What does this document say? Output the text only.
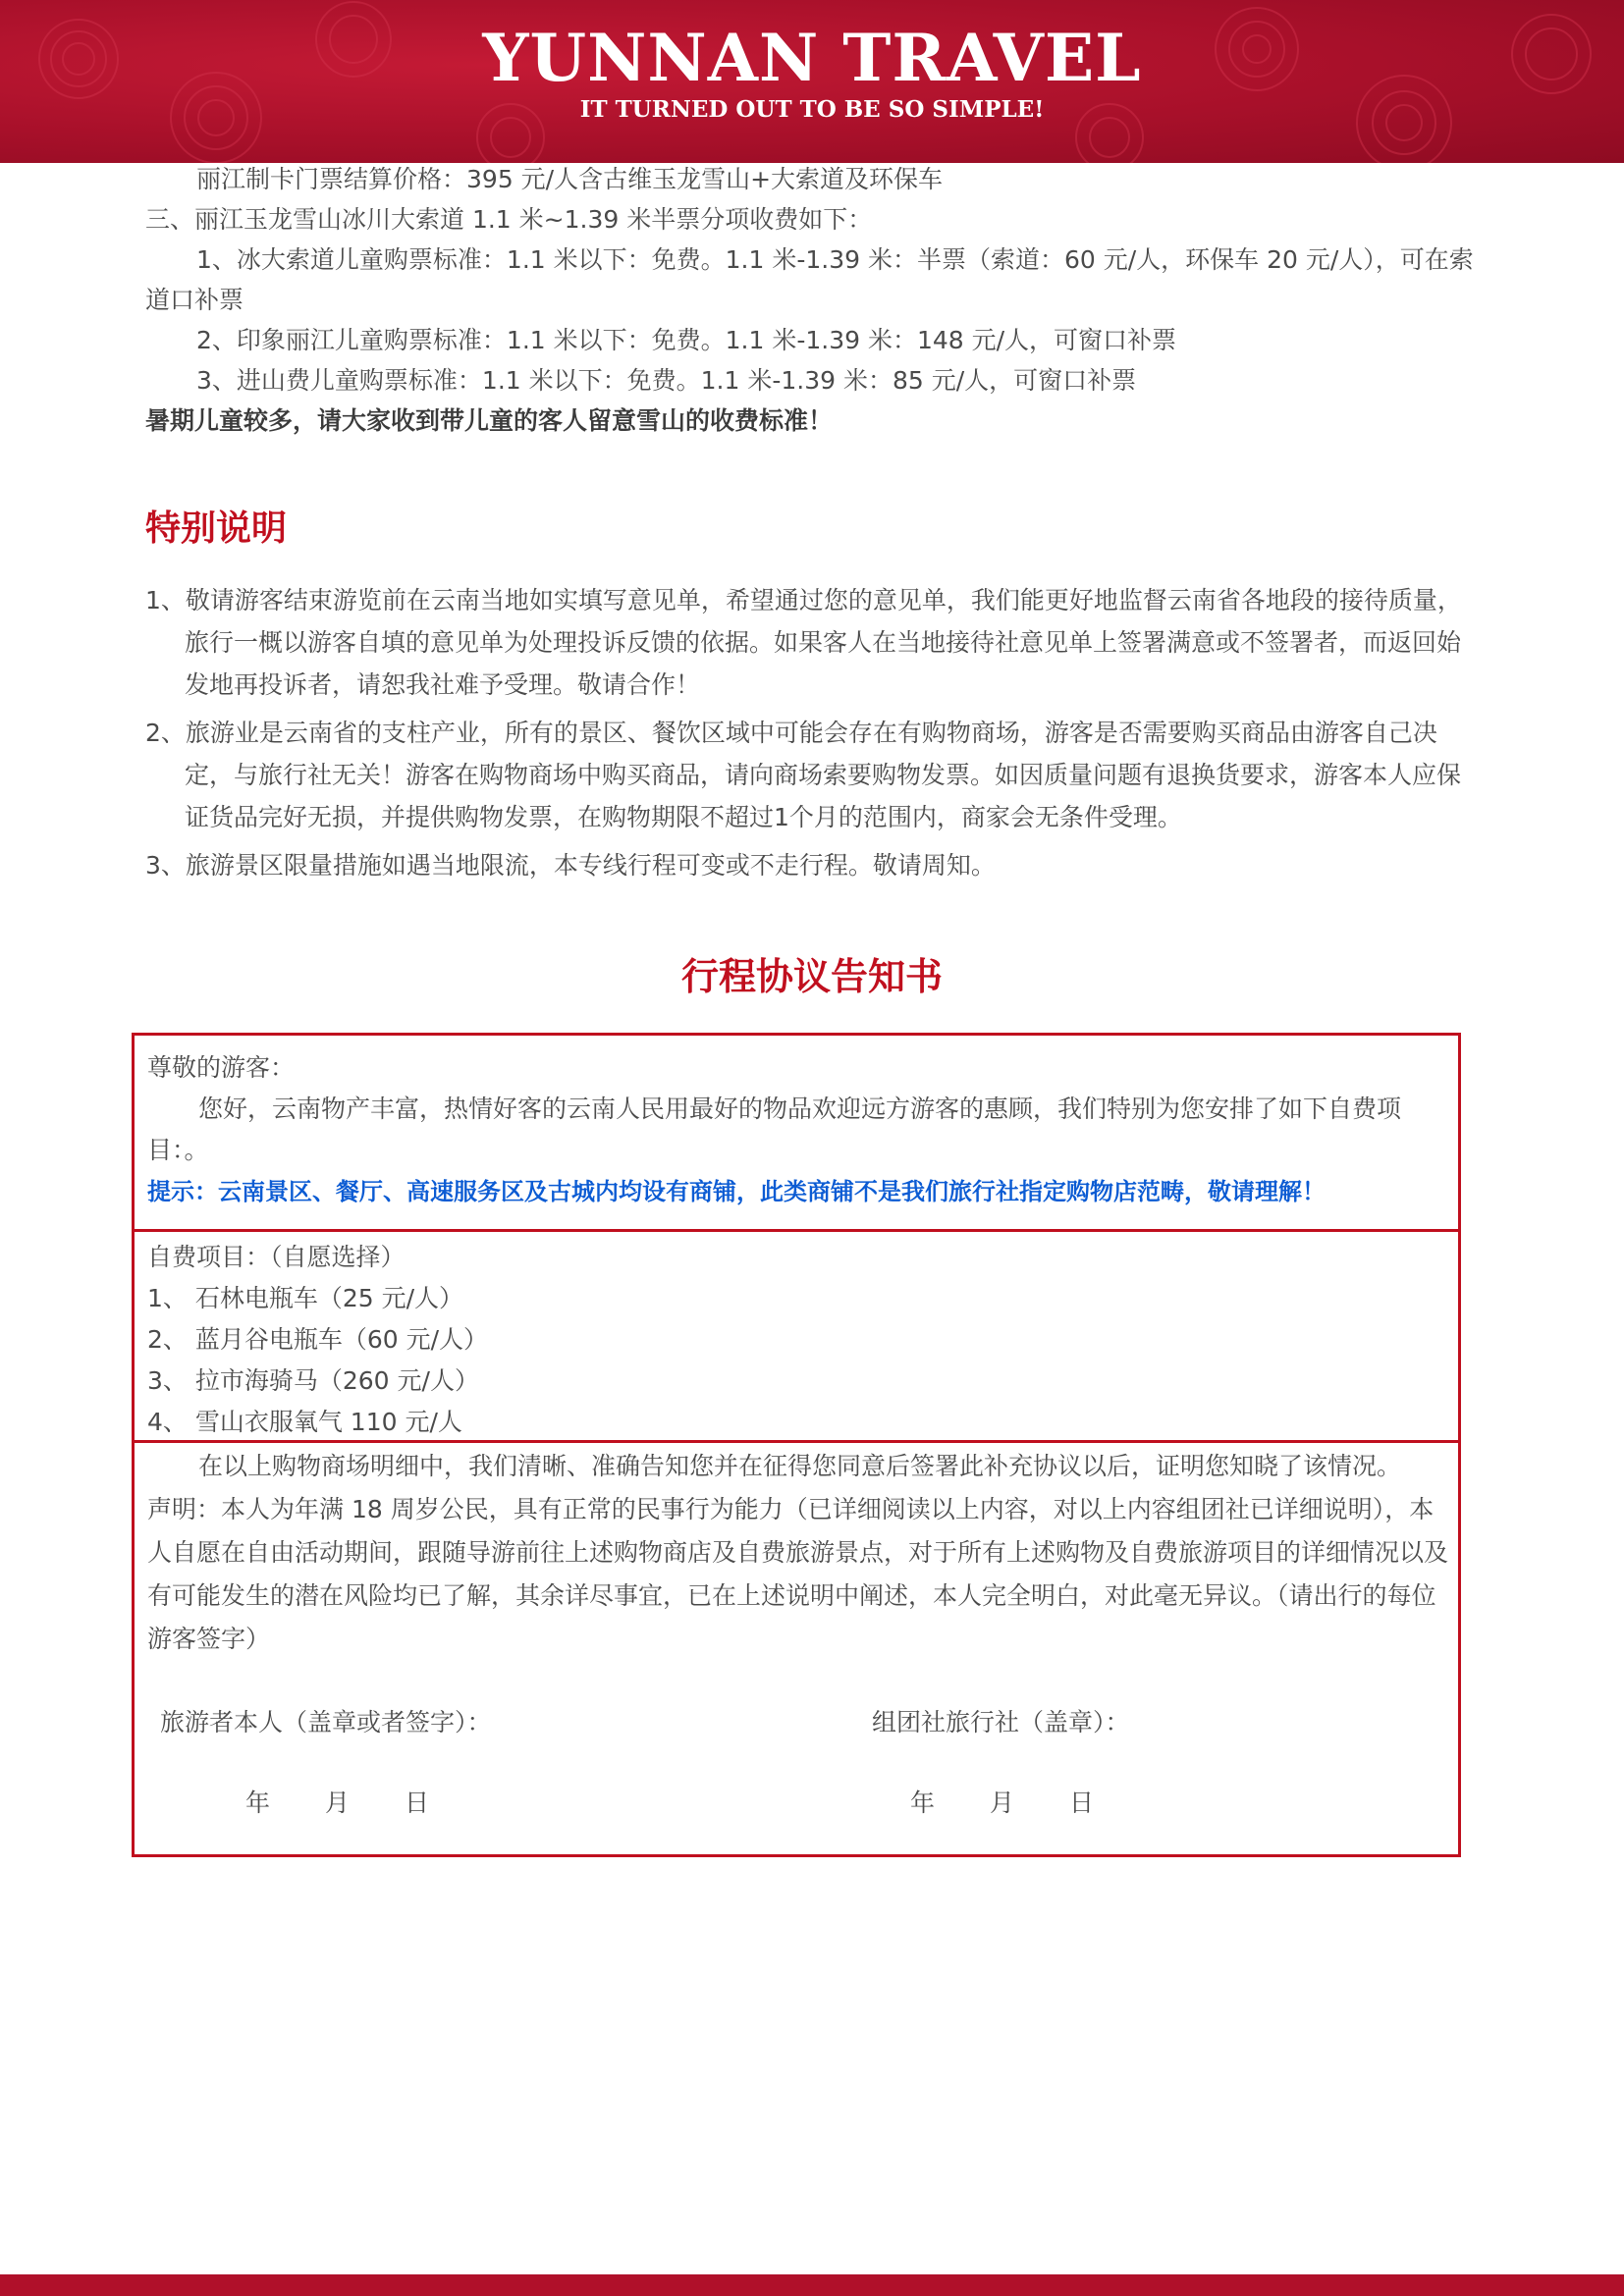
YUNNAN TRAVEL
IT TURNED OUT TO BE SO SIMPLE!

丽江制卡门票结算价格：395 元/人含古维玉龙雪山+大索道及环保车

三、丽江玉龙雪山冰川大索道 1.1 米~1.39 米半票分项收费如下：

1、冰大索道儿童购票标准：1.1 米以下：免费。1.1 米-1.39 米：半票（索道：60 元/人，环保车 20 元/人），可在索道口补票

2、印象丽江儿童购票标准：1.1 米以下：免费。1.1 米-1.39 米：148 元/人，可窗口补票

3、进山费儿童购票标准：1.1 米以下：免费。1.1 米-1.39 米：85 元/人，可窗口补票

暑期儿童较多，请大家收到带儿童的客人留意雪山的收费标准！

特别说明

1、敬请游客结束游览前在云南当地如实填写意见单，希望通过您的意见单，我们能更好地监督云南省各地段的接待质量，旅行一概以游客自填的意见单为处理投诉反馈的依据。如果客人在当地接待社意见单上签署满意或不签署者，而返回始发地再投诉者，请恕我社难予受理。敬请合作！

2、旅游业是云南省的支柱产业，所有的景区、餐饮区域中可能会存在有购物商场，游客是否需要购买商品由游客自己决定，与旅行社无关！游客在购物商场中购买商品，请向商场索要购物发票。如因质量问题有退换货要求，游客本人应保证货品完好无损，并提供购物发票，在购物期限不超过1个月的范围内，商家会无条件受理。

3、旅游景区限量措施如遇当地限流，本专线行程可变或不走行程。敬请周知。

行程协议告知书

尊敬的游客：

您好，云南物产丰富，热情好客的云南人民用最好的物品欢迎远方游客的惠顾，我们特别为您安排了如下自费项目：。

提示：云南景区、餐厅、高速服务区及古城内均设有商铺，此类商铺不是我们旅行社指定购物店范畴，敬请理解！

自费项目：（自愿选择）

1、 石林电瓶车（25 元/人）

2、 蓝月谷电瓶车（60 元/人）

3、 拉市海骑马（260 元/人）

4、 雪山衣服氧气 110 元/人

在以上购物商场明细中，我们清晰、准确告知您并在征得您同意后签署此补充协议以后，证明您知晓了该情况。

声明：本人为年满 18 周岁公民，具有正常的民事行为能力（已详细阅读以上内容，对以上内容组团社已详细说明），本人自愿在自由活动期间，跟随导游前往上述购物商店及自费旅游景点，对于所有上述购物及自费旅游项目的详细情况以及有可能发生的潜在风险均已了解，其余详尽事宜，已在上述说明中阐述，本人完全明白，对此毫无异议。（请出行的每位游客签字）

旅游者本人（盖章或者签字）：	组团社旅行社（盖章）：
年 月 日	年 月 日
